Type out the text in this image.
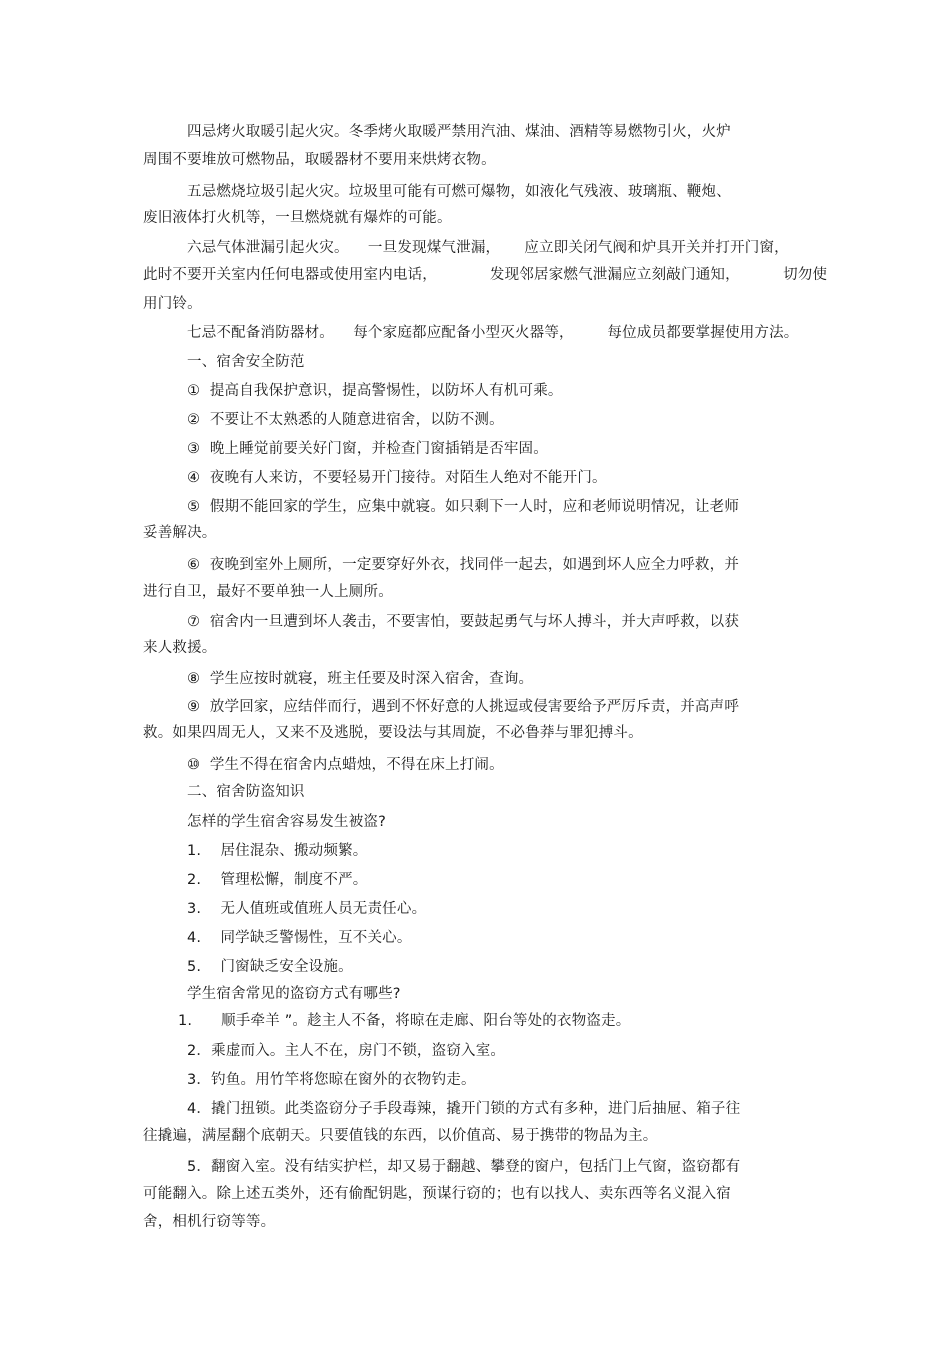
四忌烤火取暖引起火灾。冬季烤火取暖严禁用汽油、煤油、酒精等易燃物引火，火炉
周围不要堆放可燃物品，取暖器材不要用来烘烤衣物。
五忌燃烧垃圾引起火灾。垃圾里可能有可燃可爆物，如液化气残液、玻璃瓶、鞭炮、
废旧液体打火机等，一旦燃烧就有爆炸的可能。
六忌气体泄漏引起火灾。    一旦发现煤气泄漏，     应立即关闭气阀和炉具开关并打开门窗，
此时不要开关室内任何电器或使用室内电话，           发现邻居家燃气泄漏应立刻敲门通知，         切勿使
用门铃。
七忌不配备消防器材。    每个家庭都应配备小型灭火器等，       每位成员都要掌握使用方法。
一、宿舍安全防范
①  提高自我保护意识，提高警惕性，以防坏人有机可乘。
②  不要让不太熟悉的人随意进宿舍，以防不测。
③  晚上睡觉前要关好门窗，并检查门窗插销是否牢固。
④  夜晚有人来访，不要轻易开门接待。对陌生人绝对不能开门。
⑤  假期不能回家的学生，应集中就寝。如只剩下一人时，应和老师说明情况，让老师
妥善解决。
⑥  夜晚到室外上厕所，一定要穿好外衣，找同伴一起去，如遇到坏人应全力呼救，并
进行自卫，最好不要单独一人上厕所。
⑦  宿舍内一旦遭到坏人袭击，不要害怕，要鼓起勇气与坏人搏斗，并大声呼救，以获
来人救援。
⑧  学生应按时就寝，班主任要及时深入宿舍，查询。
⑨  放学回家，应结伴而行，遇到不怀好意的人挑逗或侵害要给予严厉斥责，并高声呼
救。如果四周无人，又来不及逃脱，要设法与其周旋，不必鲁莽与罪犯搏斗。
⑩  学生不得在宿舍内点蜡烛，不得在床上打闹。
二、宿舍防盗知识
怎样的学生宿舍容易发生被盗?
1.    居住混杂、搬动频繁。
2.    管理松懈，制度不严。
3.    无人值班或值班人员无责任心。
4.    同学缺乏警惕性，互不关心。
5.    门窗缺乏安全设施。
学生宿舍常见的盗窃方式有哪些?
1.      顺手牵羊 ”。趁主人不备，将晾在走廊、阳台等处的衣物盗走。
2．乘虚而入。主人不在，房门不锁，盗窃入室。
3．钓鱼。用竹竿将您晾在窗外的衣物钓走。
4．撬门扭锁。此类盗窃分子手段毒辣，撬开门锁的方式有多种，进门后抽屉、箱子往
往撬遍，满屋翻个底朝天。只要值钱的东西，以价值高、易于携带的物品为主。
5．翻窗入室。没有结实护栏，却又易于翻越、攀登的窗户，包括门上气窗，盗窃都有
可能翻入。除上述五类外，还有偷配钥匙，预谋行窃的；也有以找人、卖东西等名义混入宿
舍，相机行窃等等。
